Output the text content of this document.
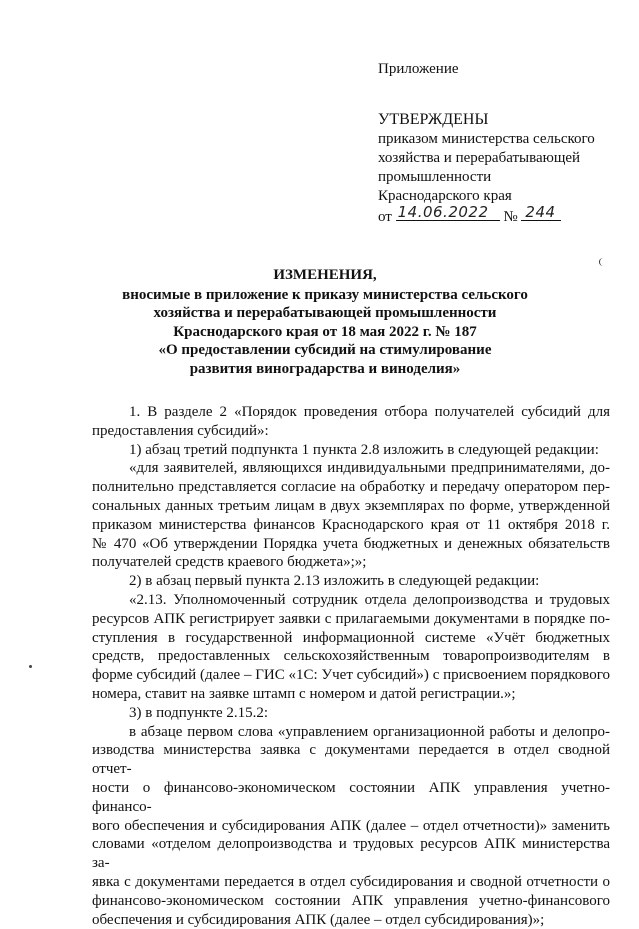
Приложение
УТВЕРЖДЕНЫ
приказом министерства сельского
хозяйства и перерабатывающей
промышленности
Краснодарского края
от 14.06.2022 № 244
ИЗМЕНЕНИЯ,
вносимые в приложение к приказу министерства сельского
хозяйства и перерабатывающей промышленности
Краснодарского края от 18 мая 2022 г. № 187
«О предоставлении субсидий на стимулирование
развития виноградарства и виноделия»
1. В разделе 2 «Порядок проведения отбора получателей субсидий для
предоставления субсидий»:
1) абзац третий подпункта 1 пункта 2.8 изложить в следующей редакции:
«для заявителей, являющихся индивидуальными предпринимателями, до-
полнительно представляется согласие на обработку и передачу оператором пер-
сональных данных третьим лицам в двух экземплярах по форме, утвержденной
приказом министерства финансов Краснодарского края от 11 октября 2018 г.
№ 470 «Об утверждении Порядка учета бюджетных и денежных обязательств
получателей средств краевого бюджета»;»;
2) в абзац первый пункта 2.13 изложить в следующей редакции:
«2.13. Уполномоченный сотрудник отдела делопроизводства и трудовых
ресурсов АПК регистрирует заявки с прилагаемыми документами в порядке по-
ступления в государственной информационной системе «Учёт бюджетных
средств, предоставленных сельскохозяйственным товаропроизводителям в
форме субсидий (далее – ГИС «1С: Учет субсидий») с присвоением порядкового
номера, ставит на заявке штамп с номером и датой регистрации.»;
3) в подпункте 2.15.2:
в абзаце первом слова «управлением организационной работы и делопро-
изводства министерства заявка с документами передается в отдел сводной отчет-
ности о финансово-экономическом состоянии АПК управления учетно-финансо-
вого обеспечения и субсидирования АПК (далее – отдел отчетности)» заменить
словами «отделом делопроизводства и трудовых ресурсов АПК министерства за-
явка с документами передается в отдел субсидирования и сводной отчетности о
финансово-экономическом состоянии АПК управления учетно-финансового
обеспечения и субсидирования АПК (далее – отдел субсидирования)»;
